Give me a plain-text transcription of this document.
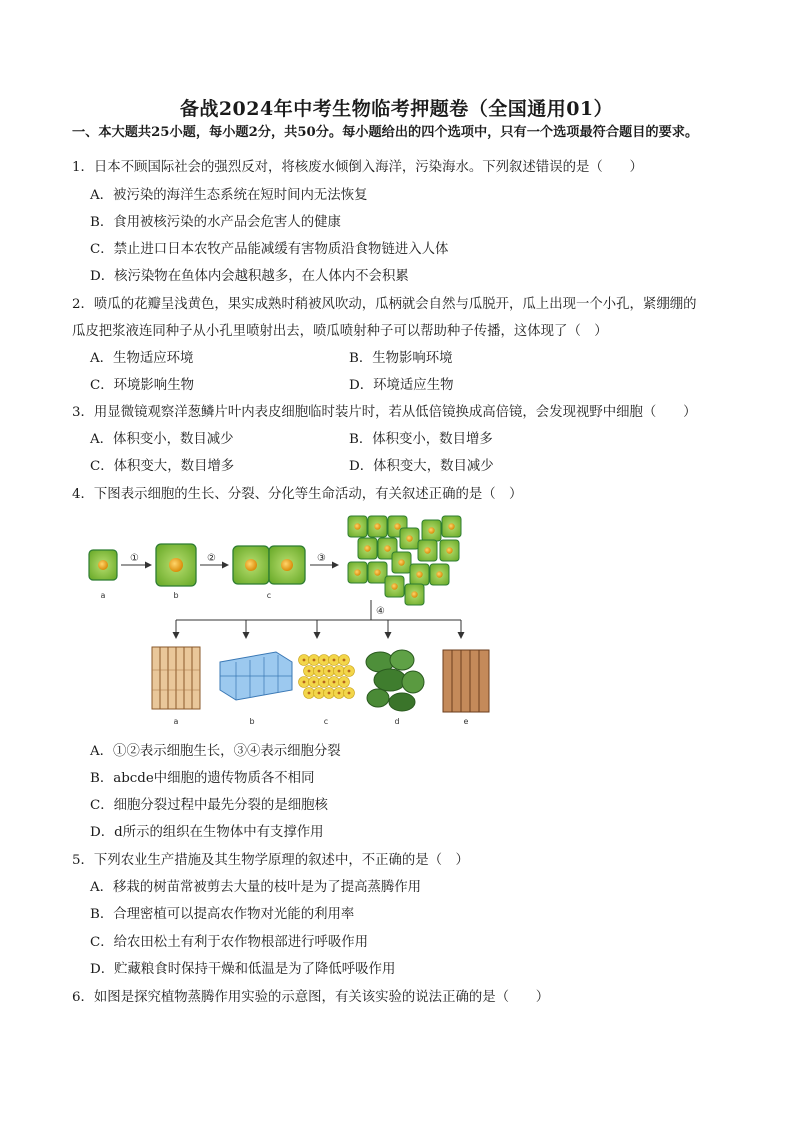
备战2024年中考生物临考押题卷（全国通用01）
一、本大题共25小题，每小题2分，共50分。每小题给出的四个选项中，只有一个选项最符合题目的要求。
1．日本不顾国际社会的强烈反对，将核废水倾倒入海洋，污染海水。下列叙述错误的是（　　）
A．被污染的海洋生态系统在短时间内无法恢复
B．食用被核污染的水产品会危害人的健康
C．禁止进口日本农牧产品能减缓有害物质沿食物链进入人体
D．核污染物在鱼体内会越积越多，在人体内不会积累
2．喷瓜的花瓣呈浅黄色，果实成熟时稍被风吹动，瓜柄就会自然与瓜脱开，瓜上出现一个小孔，紧绷绷的
瓜皮把浆液连同种子从小孔里喷射出去，喷瓜喷射种子可以帮助种子传播，这体现了（　）
A．生物适应环境	B．生物影响环境
C．环境影响生物	D．环境适应生物
3．用显微镜观察洋葱鳞片叶内表皮细胞临时装片时，若从低倍镜换成高倍镜，会发现视野中细胞（　　）
A．体积变小，数目减少	B．体积变小，数目增多
C．体积变大，数目增多	D．体积变大，数目减少
4．下图表示细胞的生长、分裂、分化等生命活动，有关叙述正确的是（　）
①	②	③
a	b	c
④
a	b	c	d	e
A．①②表示细胞生长，③④表示细胞分裂
B．abcde中细胞的遗传物质各不相同
C．细胞分裂过程中最先分裂的是细胞核
D．d所示的组织在生物体中有支撑作用
5．下列农业生产措施及其生物学原理的叙述中，不正确的是（　）
A．移栽的树苗常被剪去大量的枝叶是为了提高蒸腾作用
B．合理密植可以提高农作物对光能的利用率
C．给农田松土有利于农作物根部进行呼吸作用
D．贮藏粮食时保持干燥和低温是为了降低呼吸作用
6．如图是探究植物蒸腾作用实验的示意图，有关该实验的说法正确的是（　　）
